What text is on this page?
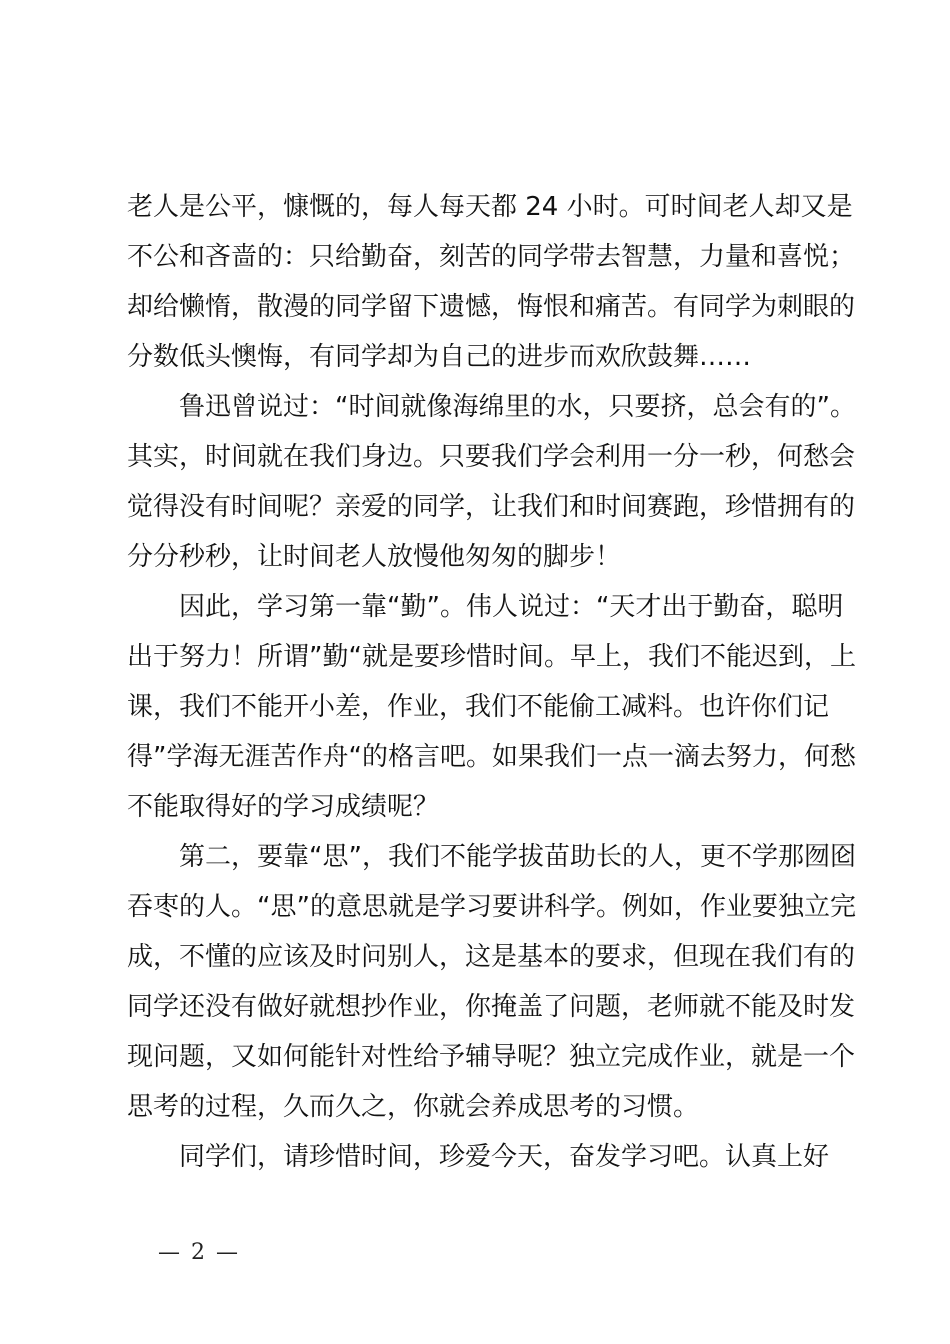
老人是公平，慷慨的，每人每天都 24 小时。可时间老人却又是不公和吝啬的：只给勤奋，刻苦的同学带去智慧，力量和喜悦；却给懒惰，散漫的同学留下遗憾，悔恨和痛苦。有同学为刺眼的分数低头懊悔，有同学却为自己的进步而欢欣鼓舞……

鲁迅曾说过：“时间就像海绵里的水，只要挤，总会有的”。其实，时间就在我们身边。只要我们学会利用一分一秒，何愁会觉得没有时间呢？亲爱的同学，让我们和时间赛跑，珍惜拥有的分分秒秒，让时间老人放慢他匆匆的脚步！

因此，学习第一靠“勤”。伟人说过：“天才出于勤奋，聪明出于努力！所谓”勤“就是要珍惜时间。早上，我们不能迟到，上课，我们不能开小差，作业，我们不能偷工减料。也许你们记得”学海无涯苦作舟“的格言吧。如果我们一点一滴去努力，何愁不能取得好的学习成绩呢？

第二，要靠“思”，我们不能学拔苗助长的人，更不学那囫囵吞枣的人。“思”的意思就是学习要讲科学。例如，作业要独立完成，不懂的应该及时问别人，这是基本的要求，但现在我们有的同学还没有做好就想抄作业，你掩盖了问题，老师就不能及时发现问题，又如何能针对性给予辅导呢？独立完成作业，就是一个思考的过程，久而久之，你就会养成思考的习惯。

同学们，请珍惜时间，珍爱今天，奋发学习吧。认真上好

— 2 —
